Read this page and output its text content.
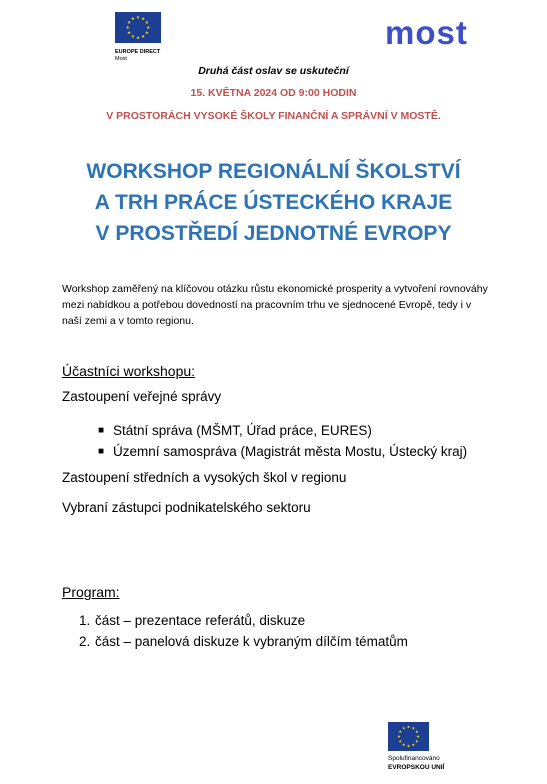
EUROPE DIRECT
Most
most
Druhá část oslav se uskuteční
15. KVĚTNA 2024 OD 9:00 HODIN
V PROSTORÁCH VYSOKÉ ŠKOLY FINANČNÍ A SPRÁVNÍ V MOSTĚ.
WORKSHOP REGIONÁLNÍ ŠKOLSTVÍ
A TRH PRÁCE ÚSTECKÉHO KRAJE
V PROSTŘEDÍ JEDNOTNÉ EVROPY
Workshop zaměřený na klíčovou otázku růstu ekonomické prosperity a vytvoření rovnováhy mezi nabídkou a potřebou dovedností na pracovním trhu ve sjednocené Evropě, tedy i v naší zemi a v tomto regionu.
Účastníci workshopu:
Zastoupení veřejné správy
■ Státní správa (MŠMT, Úřad práce, EURES)
■ Územní samospráva (Magistrát města Mostu, Ústecký kraj)
Zastoupení středních a vysokých škol v regionu
Vybraní zástupci podnikatelského sektoru
Program:
1. část – prezentace referátů, diskuze
2. část – panelová diskuze k vybraným dílčím tématům
Spolufinancováno
EVROPSKOU UNIÍ
